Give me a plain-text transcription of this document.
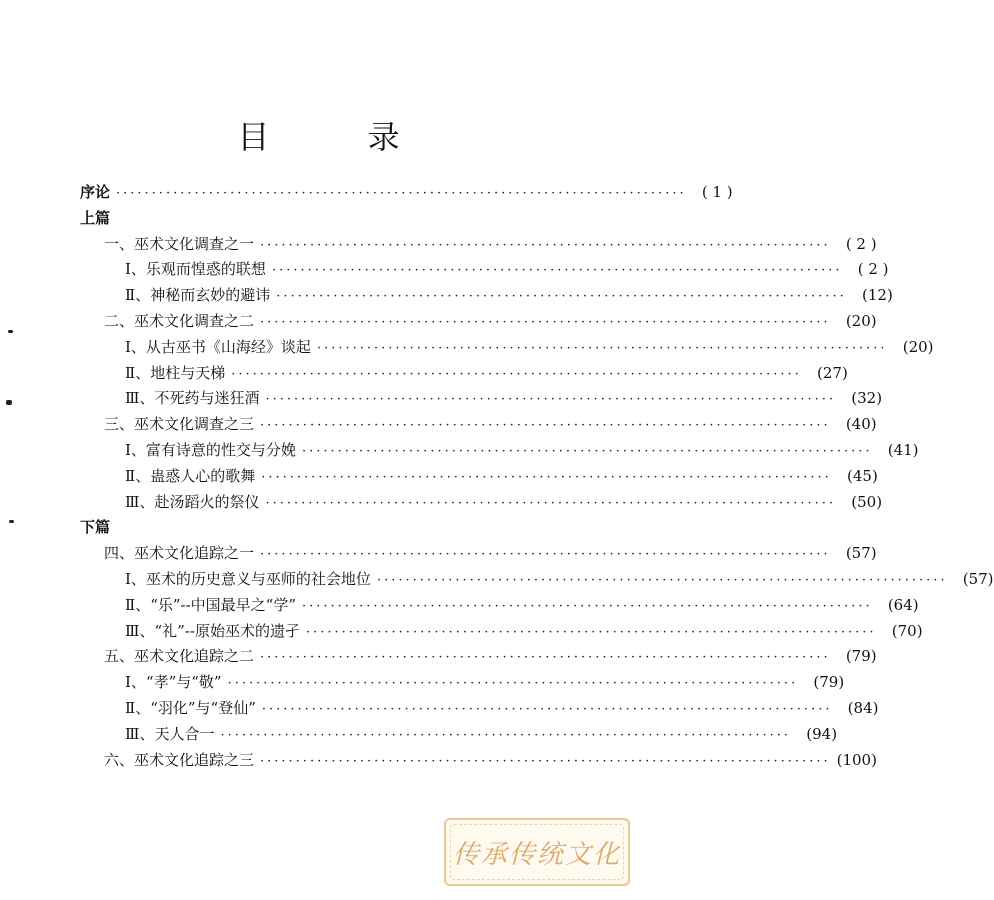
目 录
序论 ················································································	( 1 )
上篇
一、巫术文化调查之一 ················································································	( 2 )
Ⅰ、乐观而惶惑的联想 ················································································	( 2 )
Ⅱ、神秘而玄妙的避讳 ················································································	(12)
二、巫术文化调查之二 ················································································	(20)
Ⅰ、从古巫书《山海经》谈起 ················································································	(20)
Ⅱ、地柱与天梯 ················································································	(27)
Ⅲ、不死药与迷狂酒 ················································································	(32)
三、巫术文化调查之三 ················································································	(40)
Ⅰ、富有诗意的性交与分娩 ················································································	(41)
Ⅱ、蛊惑人心的歌舞 ················································································	(45)
Ⅲ、赴汤蹈火的祭仪 ················································································	(50)
下篇
四、巫术文化追踪之一 ················································································	(57)
Ⅰ、巫术的历史意义与巫师的社会地位 ················································································	(57)
Ⅱ、“乐”--中国最早之“学” ················································································	(64)
Ⅲ、“礼”--原始巫术的遗孑 ················································································	(70)
五、巫术文化追踪之二 ················································································	(79)
Ⅰ、“孝”与“敬” ················································································	(79)
Ⅱ、“羽化”与“登仙” ················································································	(84)
Ⅲ、天人合一 ················································································	(94)
六、巫术文化追踪之三 ················································································ (100)
传承传统文化
